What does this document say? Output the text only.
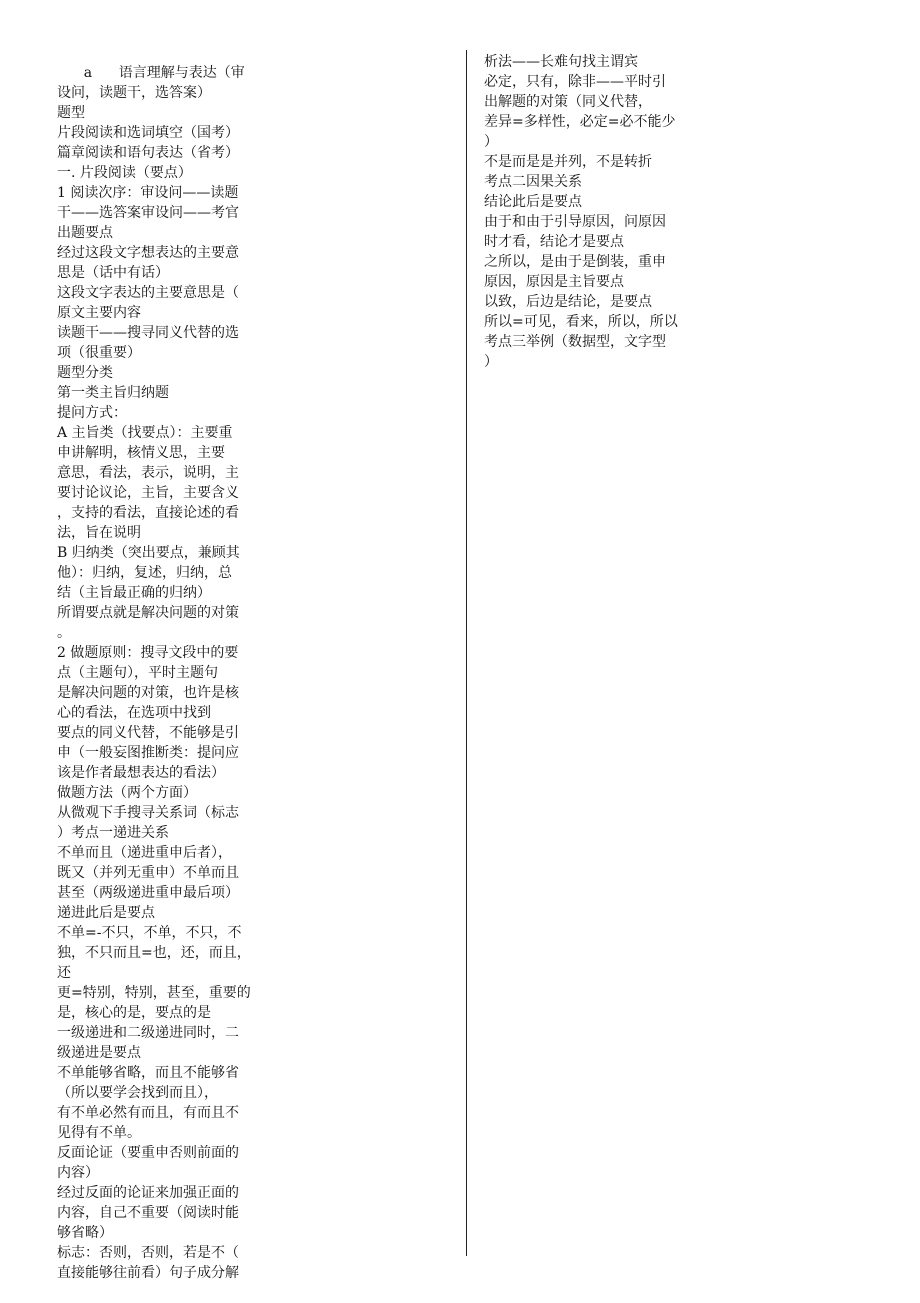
a      语言理解与表达（审
设问，读题干，选答案）
题型
片段阅读和选词填空（国考）
篇章阅读和语句表达（省考）
一. 片段阅读（要点）
1 阅读次序：审设问——读题
干——选答案审设问——考官
出题要点
经过这段文字想表达的主要意
思是（话中有话）
这段文字表达的主要意思是（
原文主要内容
读题干——搜寻同义代替的选
项（很重要）
题型分类
第一类主旨归纳题
提问方式：
A 主旨类（找要点）：主要重
申讲解明，核情义思，主要
意思，看法，表示，说明，主
要讨论议论，主旨，主要含义
，支持的看法，直接论述的看
法，旨在说明
B 归纳类（突出要点，兼顾其
他）：归纳，复述，归纳，总
结（主旨最正确的归纳）
所谓要点就是解决问题的对策
。
2 做题原则：搜寻文段中的要
点（主题句），平时主题句
是解决问题的对策，也许是核
心的看法，在选项中找到
要点的同义代替，不能够是引
申（一般妄图推断类：提问应
该是作者最想表达的看法）
做题方法（两个方面）
从微观下手搜寻关系词（标志
）考点一递进关系
不单而且（递进重申后者），
既又（并列无重申）不单而且
甚至（两级递进重申最后项）
递进此后是要点
不单=-不只，不单，不只，不
独，不只而且=也，还，而且，
还
更=特别，特别，甚至，重要的
是，核心的是，要点的是
一级递进和二级递进同时，二
级递进是要点
不单能够省略，而且不能够省
（所以要学会找到而且），
有不单必然有而且，有而且不
见得有不单。
反面论证（要重申否则前面的
内容）
经过反面的论证来加强正面的
内容，自己不重要（阅读时能
够省略）
标志：否则，否则，若是不（
直接能够往前看）句子成分解
析法——长难句找主谓宾
必定，只有，除非——平时引
出解题的对策（同义代替，
差异=多样性，必定=必不能少
）
不是而是是并列，不是转折
考点二因果关系
结论此后是要点
由于和由于引导原因，问原因
时才看，结论才是要点
之所以，是由于是倒装，重申
原因，原因是主旨要点
以致，后边是结论，是要点
所以=可见，看来，所以，所以
考点三举例（数据型，文字型
）
